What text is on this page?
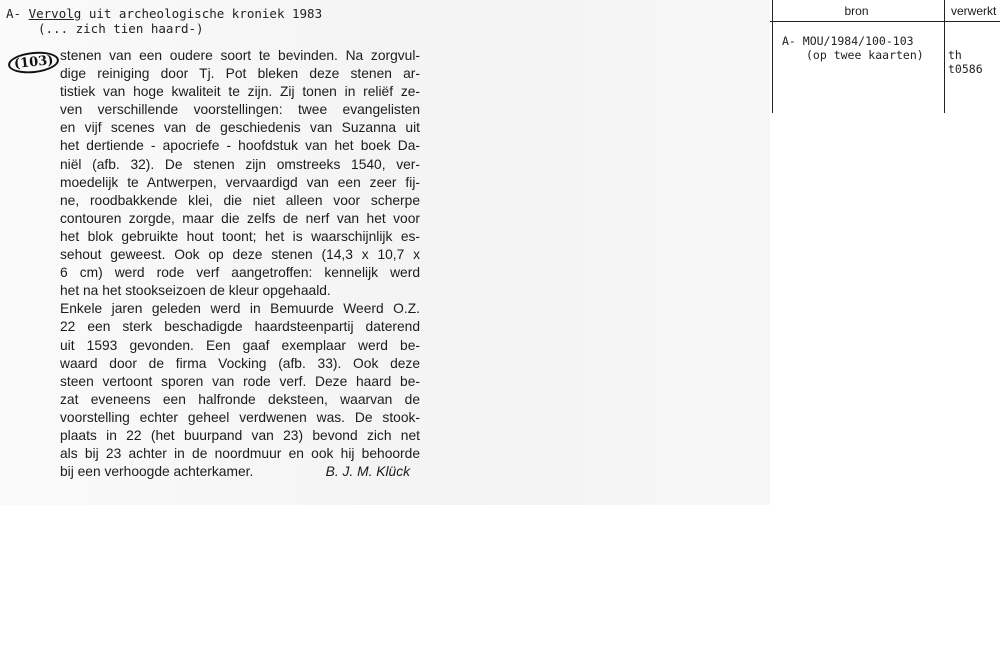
A- Vervolg uit archeologische kroniek 1983
(... zich tien haard-)
(103) stenen van een oudere soort te bevinden. Na zorgvul-
dige reiniging door Tj. Pot bleken deze stenen ar-
tistiek van hoge kwaliteit te zijn. Zij tonen in reliëf ze-
ven verschillende voorstellingen: twee evangelisten
en vijf scenes van de geschiedenis van Suzanna uit
het dertiende - apocriefe - hoofdstuk van het boek Da-
niël (afb. 32). De stenen zijn omstreeks 1540, ver-
moedelijk te Antwerpen, vervaardigd van een zeer fij-
ne, roodbakkende klei, die niet alleen voor scherpe
contouren zorgde, maar die zelfs de nerf van het voor
het blok gebruikte hout toont; het is waarschijnlijk es-
sehout geweest. Ook op deze stenen (14,3 x 10,7 x
6 cm) werd rode verf aangetroffen: kennelijk werd
het na het stookseizoen de kleur opgehaald.
Enkele jaren geleden werd in Bemuurde Weerd O.Z.
22 een sterk beschadigde haardsteenpartij daterend
uit 1593 gevonden. Een gaaf exemplaar werd be-
waard door de firma Vocking (afb. 33). Ook deze
steen vertoont sporen van rode verf. Deze haard be-
zat eveneens een halfronde deksteen, waarvan de
voorstelling echter geheel verdwenen was. De stook-
plaats in 22 (het buurpand van 23) bevond zich net
als bij 23 achter in de noordmuur en ook hij behoorde
bij een verhoogde achterkamer.	B. J. M. Klück
bron	verwerkt
A- MOU/1984/100-103
(op twee kaarten) th t0586
